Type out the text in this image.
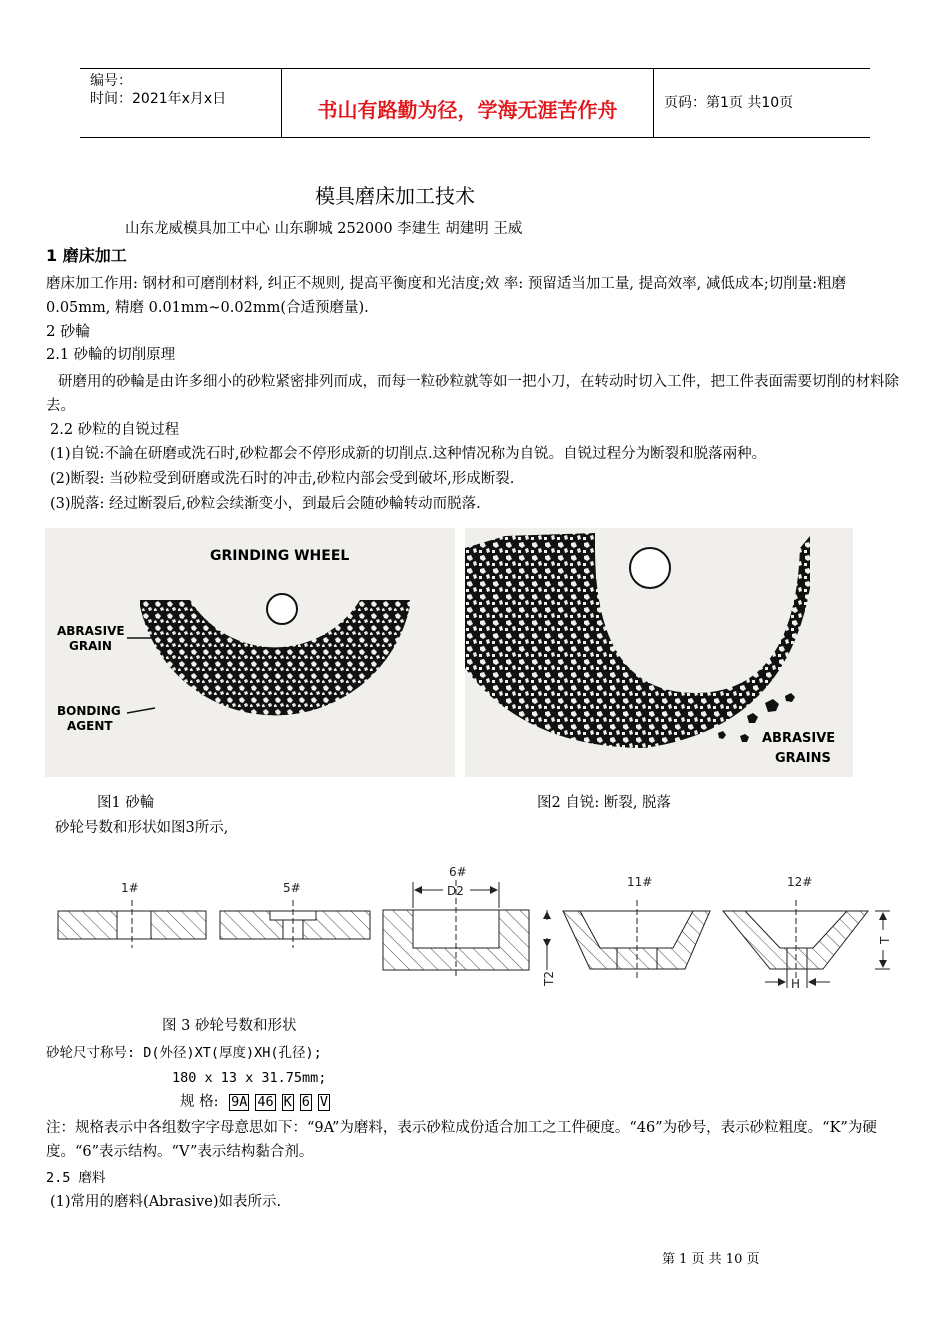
编号：
时间：2021年x月x日	书山有路勤为径，学海无涯苦作舟	页码：第1页 共10页
模具磨床加工技术
山东龙威模具加工中心 山东聊城 252000 李建生 胡建明 王威
1 磨床加工
磨床加工作用: 钢材和可磨削材料, 纠正不规则, 提高平衡度和光洁度;效 率: 预留适当加工量, 提高效率, 减低成本;切削量:粗磨 0.05mm, 精磨 0.01mm~0.02mm(合适预磨量).
2 砂輪
2.1 砂輪的切削原理
研磨用的砂輪是由许多细小的砂粒紧密排列而成，而每一粒砂粒就等如一把小刀，在转动时切入工件，把工件表面需要切削的材料除去。
2.2 砂粒的自锐过程
(1)自锐:不論在研磨或洗石时,砂粒都会不停形成新的切削点.这种情况称为自锐。自锐过程分为断裂和脱落兩种。
(2)断裂: 当砂粒受到研磨或洗石时的冲击,砂粒内部会受到破坏,形成断裂.
(3)脱落: 经过断裂后,砂粒会续渐变小，到最后会随砂輪转动而脱落.
GRINDING WHEEL
ABRASIVE
GRAIN
BONDING
AGENT
ABRASIVE
GRAINS
图1 砂輪	图2 自锐: 断裂, 脱落
砂轮号数和形状如图3所示,
1#	5#
6#
D2
T2
11#
H
12#
T
图 3 砂轮号数和形状
砂轮尺寸称号: D(外径)XT(厚度)XH(孔径);
180 x 13 x 31.75mm;
规 格: 9A 46 K 6 V
注：规格表示中各组数字字母意思如下：“9A”为磨料，表示砂粒成份适合加工之工件硬度。“46”为砂号，表示砂粒粗度。“K”为硬度。“6”表示结构。“V”表示结构黏合剂。
2.5 磨料
(1)常用的磨料(Abrasive)如表所示.
第 1 页 共 10 页
